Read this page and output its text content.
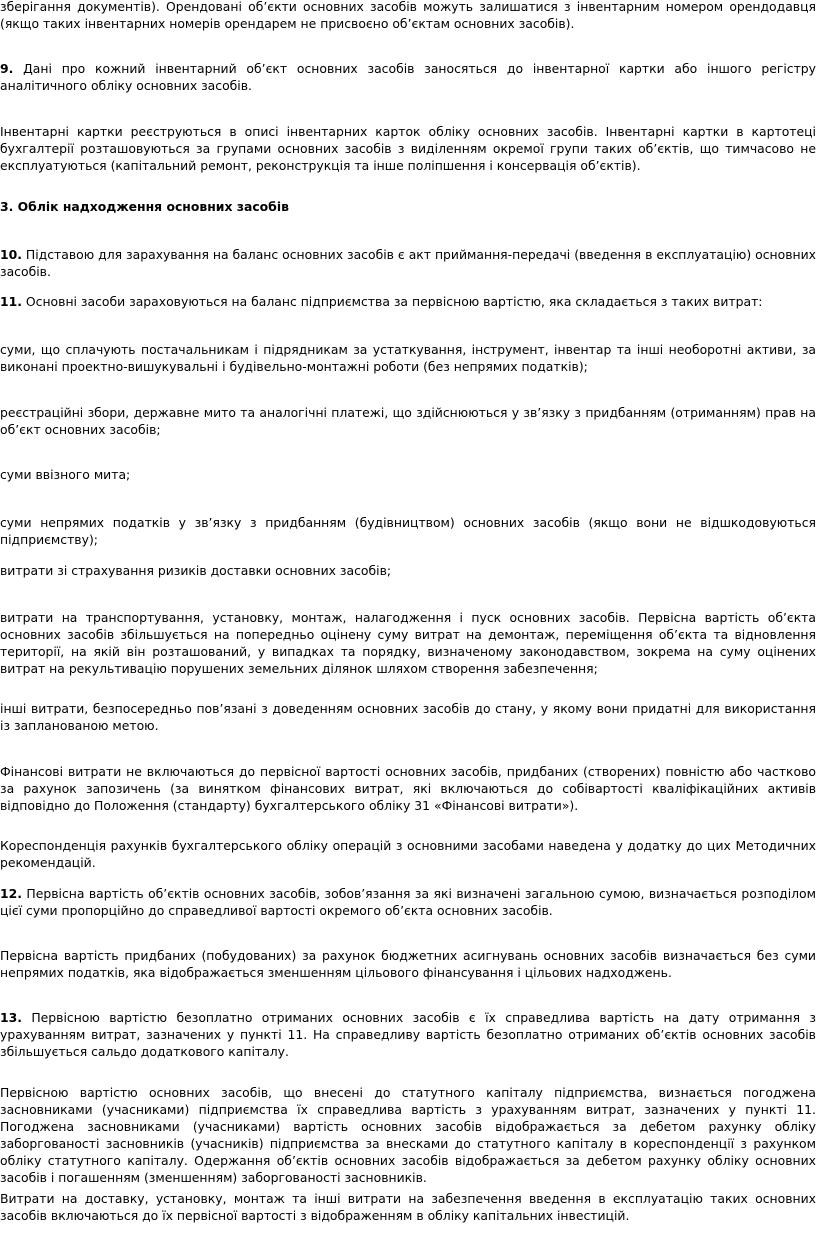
зберігання документів). Орендовані об’єкти основних засобів можуть залишатися з інвентарним номером орендодавця (якщо таких інвентарних номерів орендарем не присвоєно об’єктам основних засобів).

9. Дані про кожний інвентарний об’єкт основних засобів заносяться до інвентарної картки або іншого регістру аналітичного обліку основних засобів.

Інвентарні картки реєструються в описі інвентарних карток обліку основних засобів. Інвентарні картки в картотеці бухгалтерії розташовуються за групами основних засобів з виділенням окремої групи таких об’єктів, що тимчасово не експлуатуються (капітальний ремонт, реконструкція та інше поліпшення і консервація об’єктів).

3. Облік надходження основних засобів

10. Підставою для зарахування на баланс основних засобів є акт приймання-передачі (введення в експлуатацію) основних засобів.

11. Основні засоби зараховуються на баланс підприємства за первісною вартістю, яка складається з таких витрат:

суми, що сплачують постачальникам і підрядникам за устаткування, інструмент, інвентар та інші необоротні активи, за виконані проектно-вишукувальні і будівельно-монтажні роботи (без непрямих податків);

реєстраційні збори, державне мито та аналогічні платежі, що здійснюються у зв’язку з придбанням (отриманням) прав на об’єкт основних засобів;

суми ввізного мита;

суми непрямих податків у зв’язку з придбанням (будівництвом) основних засобів (якщо вони не відшкодовуються підприємству);

витрати зі страхування ризиків доставки основних засобів;

витрати на транспортування, установку, монтаж, налагодження і пуск основних засобів. Первісна вартість об’єкта основних засобів збільшується на попередньо оцінену суму витрат на демонтаж, переміщення об’єкта та відновлення території, на якій він розташований, у випадках та порядку, визначеному законодавством, зокрема на суму оцінених витрат на рекультивацію порушених земельних ділянок шляхом створення забезпечення;

інші витрати, безпосередньо пов’язані з доведенням основних засобів до стану, у якому вони придатні для використання із запланованою метою.

Фінансові витрати не включаються до первісної вартості основних засобів, придбаних (створених) повністю або частково за рахунок запозичень (за винятком фінансових витрат, які включаються до собівартості кваліфікаційних активів відповідно до Положення (стандарту) бухгалтерського обліку 31 «Фінансові витрати»).

Кореспонденція рахунків бухгалтерського обліку операцій з основними засобами наведена у додатку до цих Методичних рекомендацій.

12. Первісна вартість об’єктів основних засобів, зобов’язання за які визначені загальною сумою, визначається розподілом цієї суми пропорційно до справедливої вартості окремого об’єкта основних засобів.

Первісна вартість придбаних (побудованих) за рахунок бюджетних асигнувань основних засобів визначається без суми непрямих податків, яка відображається зменшенням цільового фінансування і цільових надходжень.

13. Первісною вартістю безоплатно отриманих основних засобів є їх справедлива вартість на дату отримання з урахуванням витрат, зазначених у пункті 11. На справедливу вартість безоплатно отриманих об’єктів основних засобів збільшується сальдо додаткового капіталу.

Первісною вартістю основних засобів, що внесені до статутного капіталу підприємства, визнається погоджена засновниками (учасниками) підприємства їх справедлива вартість з урахуванням витрат, зазначених у пункті 11. Погоджена засновниками (учасниками) вартість основних засобів відображається за дебетом рахунку обліку заборгованості засновників (учасників) підприємства за внесками до статутного капіталу в кореспонденції з рахунком обліку статутного капіталу. Одержання об’єктів основних засобів відображається за дебетом рахунку обліку основних засобів і погашенням (зменшенням) заборгованості засновників.

Витрати на доставку, установку, монтаж та інші витрати на забезпечення введення в експлуатацію таких основних засобів включаються до їх первісної вартості з відображенням в обліку капітальних інвестицій.
